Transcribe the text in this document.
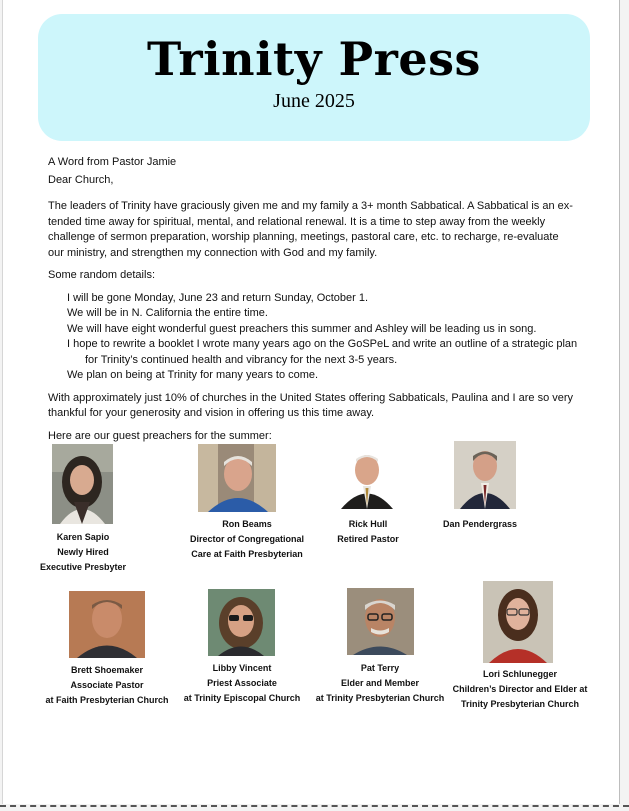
Trinity Press
June 2025

A Word from Pastor Jamie

Dear Church,

The leaders of Trinity have graciously given me and my family a 3+ month Sabbatical. A Sabbatical is an ex-

tended time away for spiritual, mental, and relational renewal. It is a time to step away from the weekly

challenge of sermon preparation, worship planning, meetings, pastoral care, etc. to recharge, re-evaluate

our ministry, and strengthen my connection with God and my family.

Some random details:

I will be gone Monday, June 23 and return Sunday, October 1.

We will be in N. California the entire time.

We will have eight wonderful guest preachers this summer and Ashley will be leading us in song.

I hope to rewrite a booklet I wrote many years ago on the GoSPeL and write an outline of a strategic plan

for Trinity’s continued health and vibrancy for the next 3-5 years.

We plan on being at Trinity for many years to come.

With approximately just 10% of churches in the United States offering Sabbaticals, Paulina and I are so very

thankful for your generosity and vision in offering us this time away.

Here are our guest preachers for the summer:

Karen Sapio
Newly Hired
Executive Presbyter
Ron Beams
Director of Congregational
Care at Faith Presbyterian
Rick Hull
Retired Pastor
Dan Pendergrass
Brett Shoemaker
Associate Pastor
at Faith Presbyterian Church
Libby Vincent
Priest Associate
at Trinity Episcopal Church
Pat Terry
Elder and Member
at Trinity Presbyterian Church
Lori Schlunegger
Children’s Director and Elder at
Trinity Presbyterian Church
